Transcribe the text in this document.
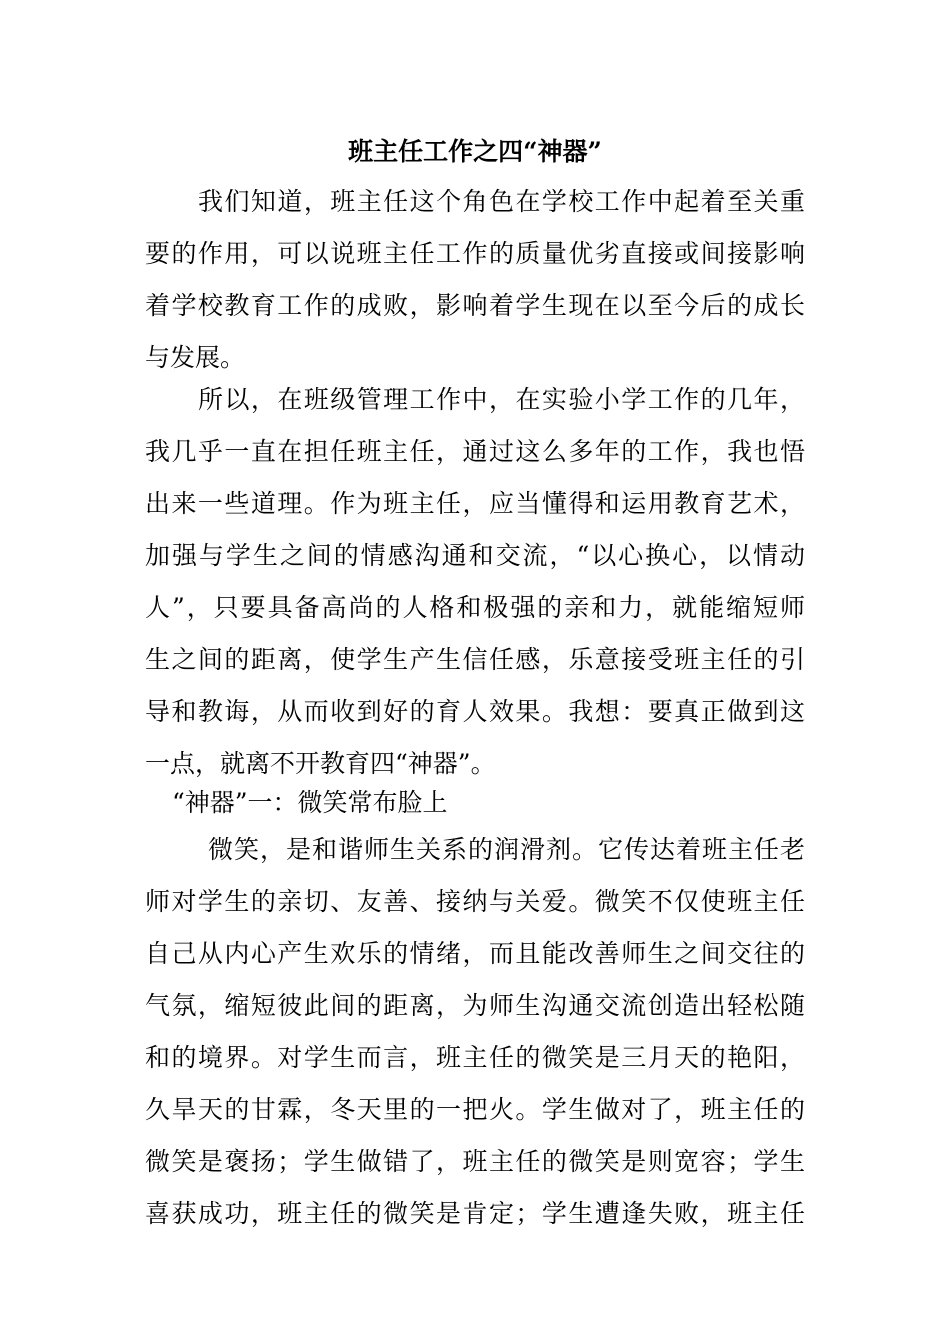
班主任工作之四“神器”
我们知道，班主任这个角色在学校工作中起着至关重
要的作用，可以说班主任工作的质量优劣直接或间接影响
着学校教育工作的成败，影响着学生现在以至今后的成长
与发展。
所以，在班级管理工作中，在实验小学工作的几年，
我几乎一直在担任班主任，通过这么多年的工作，我也悟
出来一些道理。作为班主任，应当懂得和运用教育艺术，
加强与学生之间的情感沟通和交流，“以心换心，以情动
人”，只要具备高尚的人格和极强的亲和力，就能缩短师
生之间的距离，使学生产生信任感，乐意接受班主任的引
导和教诲，从而收到好的育人效果。我想：要真正做到这
一点，就离不开教育四“神器”。
“神器”一：微笑常布脸上
微笑，是和谐师生关系的润滑剂。它传达着班主任老
师对学生的亲切、友善、接纳与关爱。微笑不仅使班主任
自己从内心产生欢乐的情绪，而且能改善师生之间交往的
气氛，缩短彼此间的距离，为师生沟通交流创造出轻松随
和的境界。对学生而言，班主任的微笑是三月天的艳阳，
久旱天的甘霖，冬天里的一把火。学生做对了，班主任的
微笑是褒扬；学生做错了，班主任的微笑是则宽容；学生
喜获成功，班主任的微笑是肯定；学生遭逢失败，班主任
